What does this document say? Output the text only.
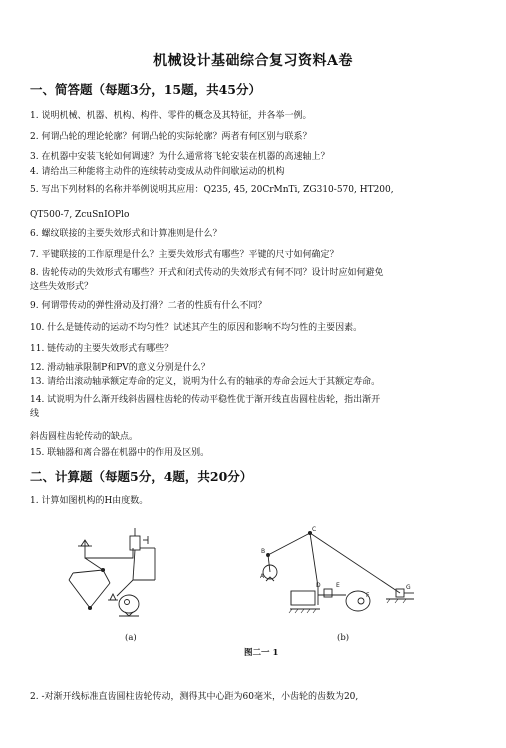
机械设计基础综合复习资料A卷
一、简答题（每题3分，15题，共45分）
1. 说明机械、机器、机构、构件、零件的概念及其特征，并各举一例。
2. 何谓凸轮的理论轮廓？何谓凸轮的实际轮廓？两者有何区别与联系？
3. 在机器中安装飞轮如何调速？为什么通常将飞轮安装在机器的高速轴上？
4. 请给出三种能将主动件的连续转动变成从动件间歇运动的机构
5. 写出下列材料的名称并举例说明其应用：Q235, 45, 20CrMnTi, ZG310-570, HT200,
QT500-7, ZcuSnIOPlo
6. 螺纹联接的主要失效形式和计算准则是什么？
7. 平键联接的工作原理是什么？主要失效形式有哪些？平键的尺寸如何确定？
8. 齿轮传动的失效形式有哪些？开式和闭式传动的失效形式有何不同？设计时应如何避免
这些失效形式？
9. 何谓带传动的弹性滑动及打滑？二者的性质有什么不同？
10. 什么是链传动的运动不均匀性？试述其产生的原因和影响不均匀性的主要因素。
11. 链传动的主要失效形式有哪些？
12. 滑动轴承限制P和PV的意义分别是什么？
13. 请给出滚动轴承额定寿命的定义，说明为什么有的轴承的寿命会远大于其额定寿命。
14. 试说明为什么渐开线斜齿圆柱齿轮的传动平稳性优于渐开线直齿圆柱齿轮，指出渐开
线
斜齿圆柱齿轮传动的缺点。
15. 联轴器和离合器在机器中的作用及区别。
二、计算题（每题5分，4题，共20分）
1. 计算如图机构的H由度数。
C
B
A
D	E
F
G
(a)	(b)
图二一 1
2. -对渐开线标准直齿圆柱齿轮传动，测得其中心距为60毫米，小齿轮的齿数为20,
